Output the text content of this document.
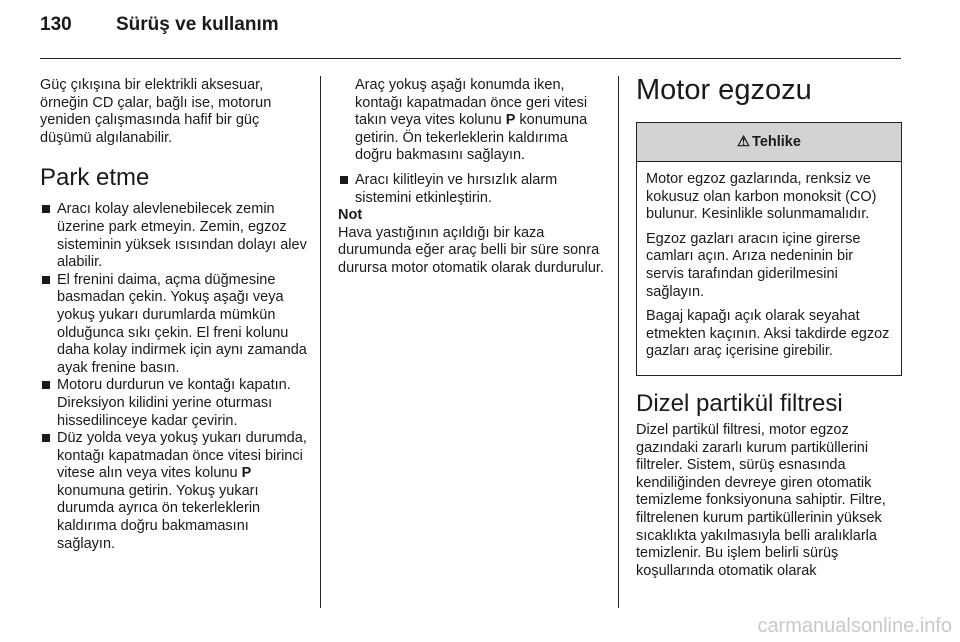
130 Sürüş ve kullanım

Güç çıkışına bir elektrikli aksesuar, örneğin CD çalar, bağlı ise, motorun yeniden çalışmasında hafif bir güç düşümü algılanabilir.

Park etme

Aracı kolay alevlenebilecek zemin üzerine park etmeyin. Zemin, egzoz sisteminin yüksek ısısından dolayı alev alabilir.

El frenini daima, açma düğmesine basmadan çekin. Yokuş aşağı veya yokuş yukarı durumlarda mümkün olduğunca sıkı çekin. El freni kolunu daha kolay indirmek için aynı zamanda ayak frenine basın.

Motoru durdurun ve kontağı kapatın. Direksiyon kilidini yerine oturması hissedilinceye kadar çevirin.

Düz yolda veya yokuş yukarı durumda, kontağı kapatmadan önce vitesi birinci vitese alın veya vites kolunu P konumuna getirin. Yokuş yukarı durumda ayrıca ön tekerleklerin kaldırıma doğru bakmamasını sağlayın.

Araç yokuş aşağı konumda iken, kontağı kapatmadan önce geri vitesi takın veya vites kolunu P konumuna getirin. Ön tekerleklerin kaldırıma doğru bakmasını sağlayın.

Aracı kilitleyin ve hırsızlık alarm sistemini etkinleştirin.

Not

Hava yastığının açıldığı bir kaza durumunda eğer araç belli bir süre sonra durursa motor otomatik olarak durdurulur.

Motor egzozu
⚠ Tehlike

Motor egzoz gazlarında, renksiz ve kokusuz olan karbon monoksit (CO) bulunur. Kesinlikle solunmamalıdır.

Egzoz gazları aracın içine girerse camları açın. Arıza nedeninin bir servis tarafından giderilmesini sağlayın.

Bagaj kapağı açık olarak seyahat etmekten kaçının. Aksi takdirde egzoz gazları araç içerisine girebilir.

Dizel partikül filtresi

Dizel partikül filtresi, motor egzoz gazındaki zararlı kurum partiküllerini filtreler. Sistem, sürüş esnasında kendiliğinden devreye giren otomatik temizleme fonksiyonuna sahiptir. Filtre, filtrelenen kurum partiküllerinin yüksek sıcaklıkta yakılmasıyla belli aralıklarla temizlenir. Bu işlem belirli sürüş koşullarında otomatik olarak

carmanualsonline.info
